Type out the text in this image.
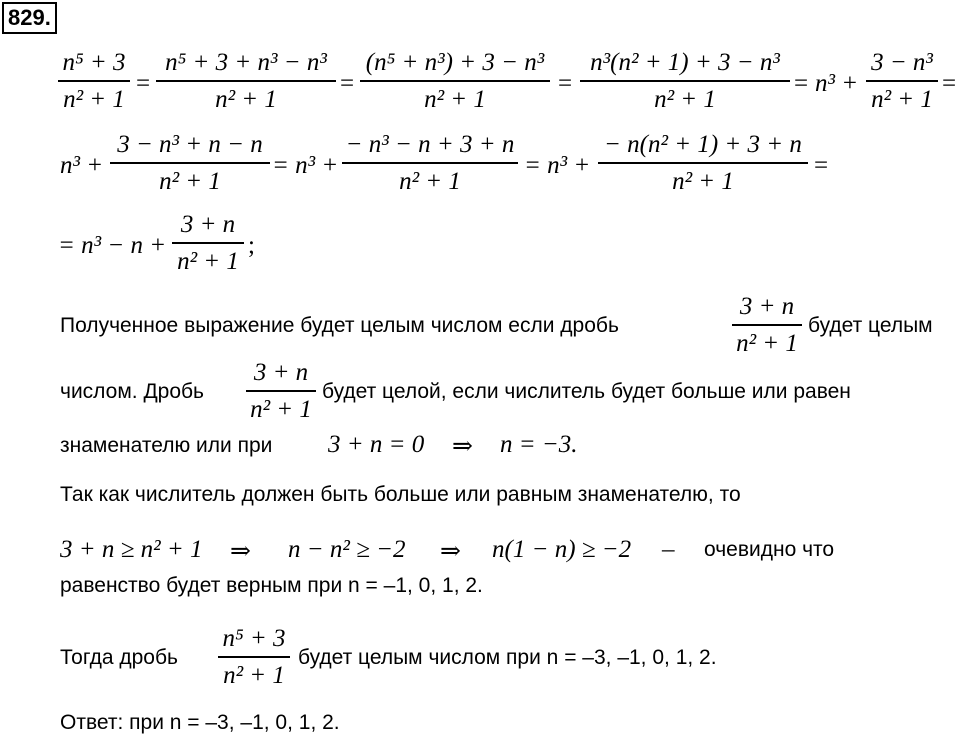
829.
n⁵ + 3
n² + 1
=
n⁵ + 3 + n³ − n³
n² + 1
=
(n⁵ + n³) + 3 − n³
n² + 1
=
n³(n² + 1) + 3 − n³
n² + 1
= n³ +
3 − n³
n² + 1
=
n³ +
3 − n³ + n − n
n² + 1
= n³ +
− n³ − n + 3 + n
n² + 1
= n³ +
− n(n² + 1) + 3 + n
n² + 1
=
= n³ − n +
3 + n
n² + 1
;
Полученное выражение будет целым числом если дробь
3 + n
n² + 1
будет целым
числом. Дробь
3 + n
n² + 1
будет целой, если числитель будет больше или равен
знаменателю или при 3 + n = 0 ⇒ n = −3.
Так как числитель должен быть больше или равным знаменателю, то
3 + n ≥ n² + 1 ⇒ n − n² ≥ −2 ⇒ n(1 − n) ≥ −2 – очевидно что
равенство будет верным при n = –1, 0, 1, 2.
Тогда дробь
n⁵ + 3
n² + 1
будет целым числом при n = –3, –1, 0, 1, 2.
Ответ: при n = –3, –1, 0, 1, 2.
